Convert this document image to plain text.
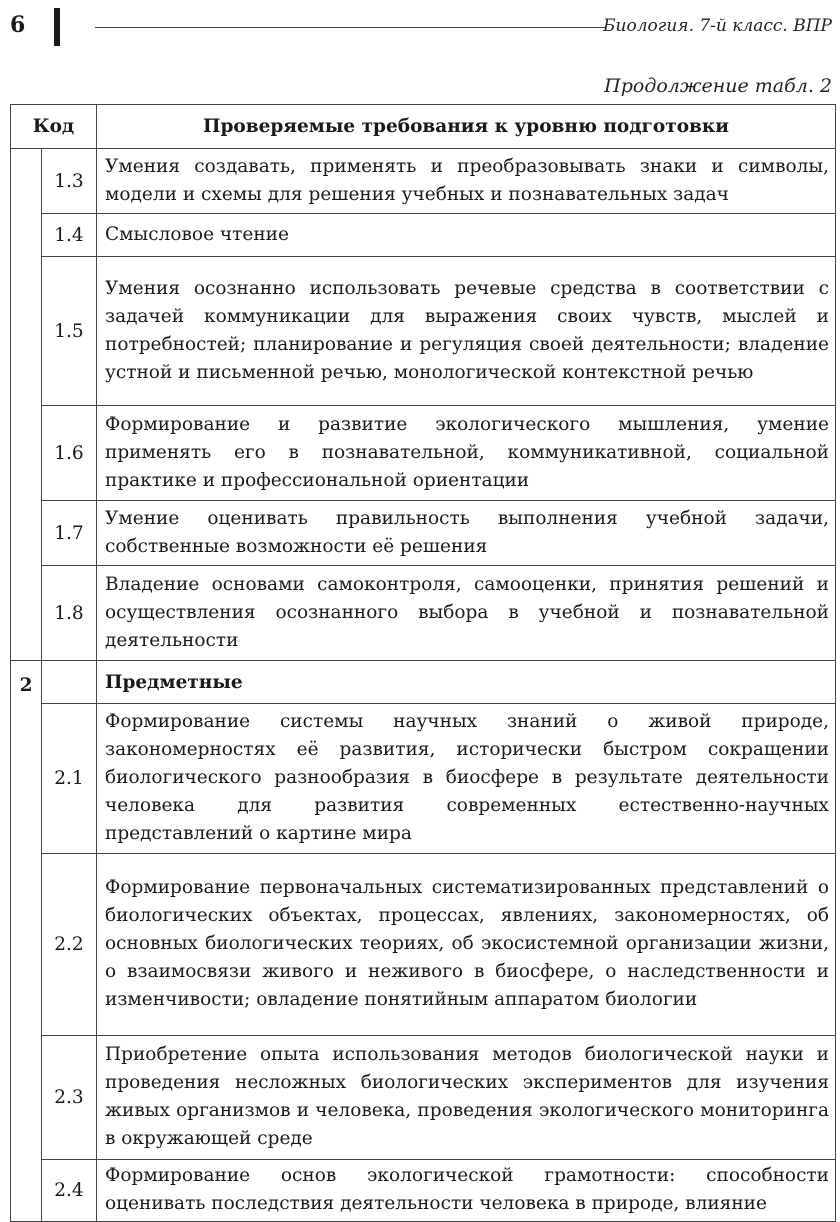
6	Биология. 7-й класс. ВПР
Продолжение табл. 2
Код		Проверяемые требования к уровню подготовки
	1.3	Умения создавать, применять и преобразовывать знаки и символы, модели и схемы для решения учебных и познавательных задач
	1.4	Смысловое чтение
	1.5	Умения осознанно использовать речевые средства в соответствии с задачей коммуникации для выражения своих чувств, мыслей и потребностей; планирование и регуляция своей деятельности; владение устной и письменной речью, монологической контекстной речью
	1.6	Формирование и развитие экологического мышления, умение применять его в познавательной, коммуникативной, социальной практике и профессиональной ориентации
	1.7	Умение оценивать правильность выполнения учебной задачи, собственные возможности её решения
	1.8	Владение основами самоконтроля, самооценки, принятия решений и осуществления осознанного выбора в учебной и познавательной деятельности
2		Предметные
	2.1	Формирование системы научных знаний о живой природе, закономерностях её развития, исторически быстром сокращении биологического разнообразия в биосфере в результате деятельности человека для развития современных естественно-научных представлений о картине мира
	2.2	Формирование первоначальных систематизированных представлений о биологических объектах, процессах, явлениях, закономерностях, об основных биологических теориях, об экосистемной организации жизни, о взаимосвязи живого и неживого в биосфере, о наследственности и изменчивости; овладение понятийным аппаратом биологии
	2.3	Приобретение опыта использования методов биологической науки и проведения несложных биологических экспериментов для изучения живых организмов и человека, проведения экологического мониторинга в окружающей среде
	2.4	Формирование основ экологической грамотности: способности оценивать последствия деятельности человека в природе, влияние
